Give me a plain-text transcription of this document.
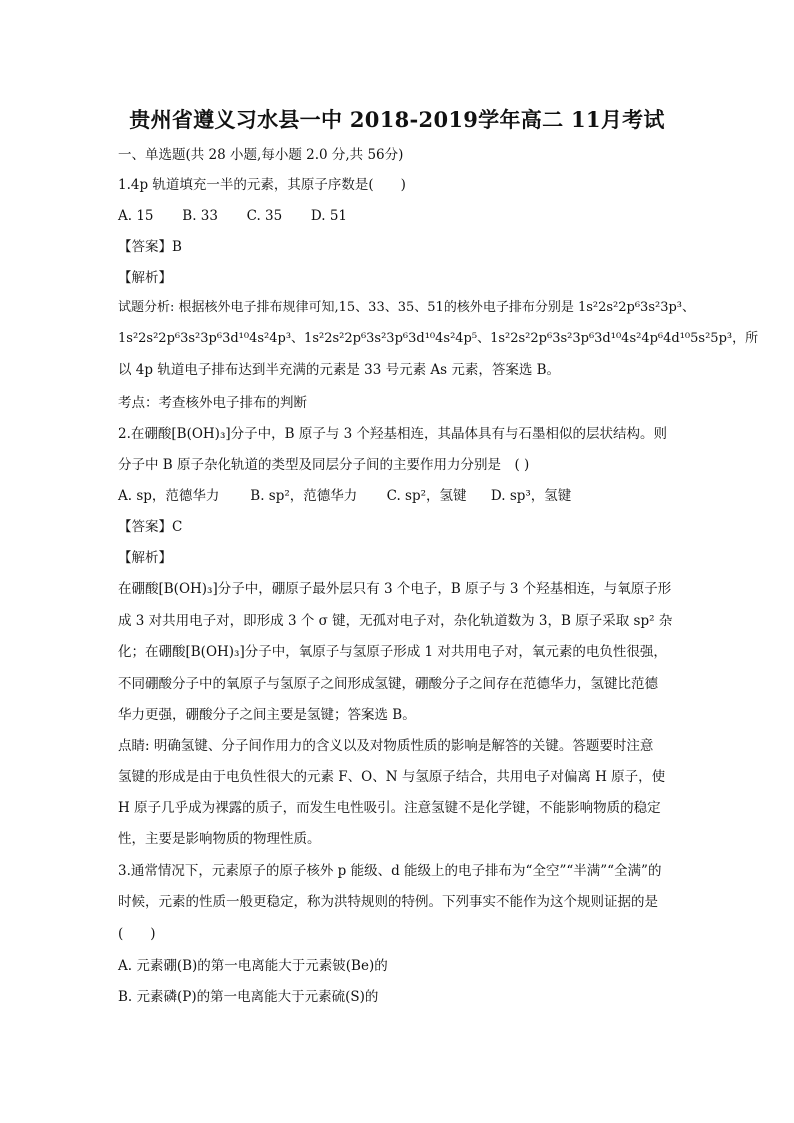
贵州省遵义习水县一中 2018-2019学年高二 11月考试
一、单选题(共 28 小题,每小题 2.0 分,共 56分)
1.4p 轨道填充一半的元素，其原子序数是(　　)
A. 15 B. 33 C. 35 D. 51
【答案】B
【解析】
试题分析: 根据核外电子排布规律可知,15、33、35、51的核外电子排布分别是 1s²2s²2p⁶3s²3p³、
1s²2s²2p⁶3s²3p⁶3d¹⁰4s²4p³、1s²2s²2p⁶3s²3p⁶3d¹⁰4s²4p⁵、1s²2s²2p⁶3s²3p⁶3d¹⁰4s²4p⁶4d¹⁰5s²5p³，所
以 4p 轨道电子排布达到半充满的元素是 33 号元素 As 元素，答案选 B。
考点：考查核外电子排布的判断
2.在硼酸[B(OH)₃]分子中，B 原子与 3 个羟基相连，其晶体具有与石墨相似的层状结构。则
分子中 B 原子杂化轨道的类型及同层分子间的主要作用力分别是　( )
A. sp，范德华力 B. sp²，范德华力 C. sp²，氢键 D. sp³，氢键
【答案】C
【解析】
在硼酸[B(OH)₃]分子中，硼原子最外层只有 3 个电子，B 原子与 3 个羟基相连，与氧原子形
成 3 对共用电子对，即形成 3 个 σ 键，无孤对电子对，杂化轨道数为 3，B 原子采取 sp² 杂
化；在硼酸[B(OH)₃]分子中，氧原子与氢原子形成 1 对共用电子对，氧元素的电负性很强，
不同硼酸分子中的氧原子与氢原子之间形成氢键，硼酸分子之间存在范德华力，氢键比范德
华力更强，硼酸分子之间主要是氢键；答案选 B。
点睛: 明确氢键、分子间作用力的含义以及对物质性质的影响是解答的关键。答题要时注意
氢键的形成是由于电负性很大的元素 F、O、N 与氢原子结合，共用电子对偏离 H 原子，使
H 原子几乎成为裸露的质子，而发生电性吸引。注意氢键不是化学键，不能影响物质的稳定
性，主要是影响物质的物理性质。
3.通常情况下，元素原子的原子核外 p 能级、d 能级上的电子排布为“全空”“半满”“全满”的
时候，元素的性质一般更稳定，称为洪特规则的特例。下列事实不能作为这个规则证据的是
(　　)
A. 元素硼(B)的第一电离能大于元素铍(Be)的
B. 元素磷(P)的第一电离能大于元素硫(S)的
